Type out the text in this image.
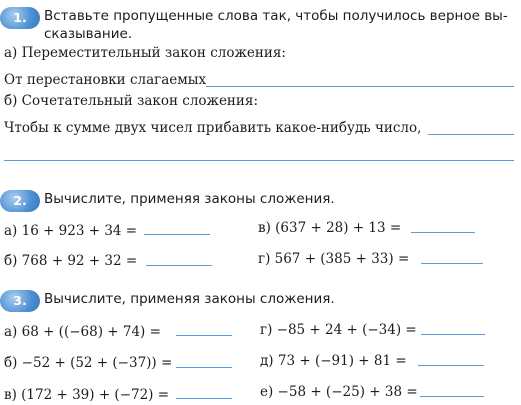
1.	Вставьте пропущенные слова так, чтобы получилось верное вы-
сказывание.
а) Переместительный закон сложения:
От перестановки слагаемых
б) Сочетательный закон сложения:
Чтобы к сумме двух чисел прибавить какое-нибудь число,
2.	Вычислите, применяя законы сложения.
а) 16 + 923 + 34 =	в) (637 + 28) + 13 =
б) 768 + 92 + 32 =	г) 567 + (385 + 33) =
3.	Вычислите, применяя законы сложения.
а) 68 + ((−68) + 74) =	г) −85 + 24 + (−34) =
б) −52 + (52 + (−37)) =	д) 73 + (−91) + 81 =
в) (172 + 39) + (−72) =	е) −58 + (−25) + 38 =
